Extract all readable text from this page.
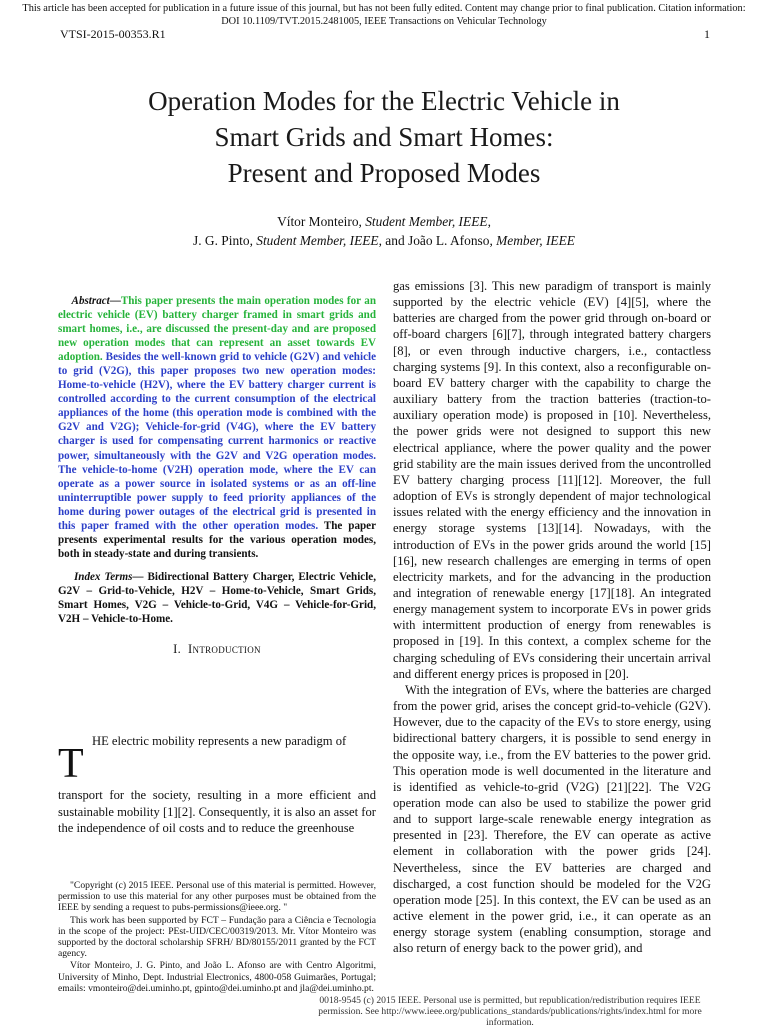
This article has been accepted for publication in a future issue of this journal, but has not been fully edited. Content may change prior to final publication. Citation information: DOI 10.1109/TVT.2015.2481005, IEEE Transactions on Vehicular Technology
VTSI-2015-00353.R1	1
Operation Modes for the Electric Vehicle in
Smart Grids and Smart Homes:
Present and Proposed Modes
Vítor Monteiro, Student Member, IEEE,
J. G. Pinto, Student Member, IEEE, and João L. Afonso, Member, IEEE
Abstract—This paper presents the main operation modes for an electric vehicle (EV) battery charger framed in smart grids and smart homes, i.e., are discussed the present-day and are proposed new operation modes that can represent an asset towards EV adoption. Besides the well-known grid to vehicle (G2V) and vehicle to grid (V2G), this paper proposes two new operation modes: Home-to-vehicle (H2V), where the EV battery charger current is controlled according to the current consumption of the electrical appliances of the home (this operation mode is combined with the G2V and V2G); Vehicle-for-grid (V4G), where the EV battery charger is used for compensating current harmonics or reactive power, simultaneously with the G2V and V2G operation modes. The vehicle-to-home (V2H) operation mode, where the EV can operate as a power source in isolated systems or as an off-line uninterruptible power supply to feed priority appliances of the home during power outages of the electrical grid is presented in this paper framed with the other operation modes. The paper presents experimental results for the various operation modes, both in steady-state and during transients.
Index Terms— Bidirectional Battery Charger, Electric Vehicle, G2V – Grid-to-Vehicle, H2V – Home-to-Vehicle, Smart Grids, Smart Homes, V2G – Vehicle-to-Grid, V4G – Vehicle-for-Grid, V2H – Vehicle-to-Home.
I. Introduction
T HE electric mobility represents a new paradigm of

transport for the society, resulting in a more efficient and sustainable mobility [1][2]. Consequently, it is also an asset for the independence of oil costs and to reduce the greenhouse

"Copyright (c) 2015 IEEE. Personal use of this material is permitted. However, permission to use this material for any other purposes must be obtained from the IEEE by sending a request to pubs-permissions@ieee.org. "

This work has been supported by FCT – Fundação para a Ciência e Tecnologia in the scope of the project: PEst-UID/CEC/00319/2013. Mr. Vítor Monteiro was supported by the doctoral scholarship SFRH/ BD/80155/2011 granted by the FCT agency.

Vítor Monteiro, J. G. Pinto, and João L. Afonso are with Centro Algoritmi, University of Minho, Dept. Industrial Electronics, 4800-058 Guimarães, Portugal; emails: vmonteiro@dei.uminho.pt, gpinto@dei.uminho.pt and jla@dei.uminho.pt.

gas emissions [3]. This new paradigm of transport is mainly supported by the electric vehicle (EV) [4][5], where the batteries are charged from the power grid through on-board or off-board chargers [6][7], through integrated battery chargers [8], or even through inductive chargers, i.e., contactless charging systems [9]. In this context, also a reconfigurable on-board EV battery charger with the capability to charge the auxiliary battery from the traction batteries (traction-to-auxiliary operation mode) is proposed in [10]. Nevertheless, the power grids were not designed to support this new electrical appliance, where the power quality and the power grid stability are the main issues derived from the uncontrolled EV battery charging process [11][12]. Moreover, the full adoption of EVs is strongly dependent of major technological issues related with the energy efficiency and the innovation in energy storage systems [13][14]. Nowadays, with the introduction of EVs in the power grids around the world [15][16], new research challenges are emerging in terms of open electricity markets, and for the advancing in the production and integration of renewable energy [17][18]. An integrated energy management system to incorporate EVs in power grids with intermittent production of energy from renewables is proposed in [19]. In this context, a complex scheme for the charging scheduling of EVs considering their uncertain arrival and different energy prices is proposed in [20].

With the integration of EVs, where the batteries are charged from the power grid, arises the concept grid-to-vehicle (G2V). However, due to the capacity of the EVs to store energy, using bidirectional battery chargers, it is possible to send energy in the opposite way, i.e., from the EV batteries to the power grid. This operation mode is well documented in the literature and is identified as vehicle-to-grid (V2G) [21][22]. The V2G operation mode can also be used to stabilize the power grid and to support large-scale renewable energy integration as presented in [23]. Therefore, the EV can operate as active element in collaboration with the power grids [24]. Nevertheless, since the EV batteries are charged and discharged, a cost function should be modeled for the V2G operation mode [25]. In this context, the EV can be used as an active element in the power grid, i.e., it can operate as an energy storage system (enabling consumption, storage and also return of energy back to the power grid), and

0018-9545 (c) 2015 IEEE. Personal use is permitted, but republication/redistribution requires IEEE permission. See http://www.ieee.org/publications_standards/publications/rights/index.html for more information.
